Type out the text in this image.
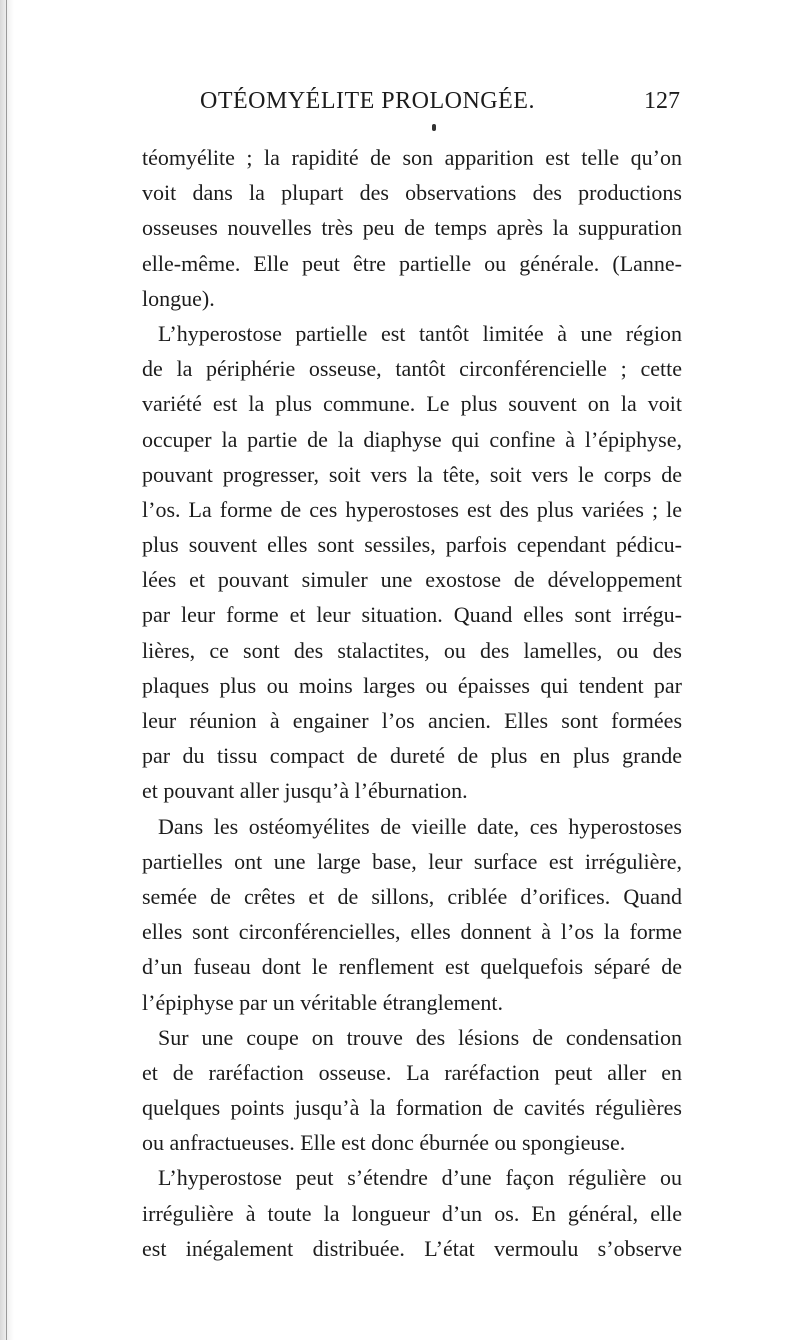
OTÉOMYÉLITE PROLONGÉE.	127
téomyélite ; la rapidité de son apparition est telle qu’on
voit dans la plupart des observations des productions
osseuses nouvelles très peu de temps après la suppuration
elle-même. Elle peut être partielle ou générale. (Lanne-
longue).
L’hyperostose partielle est tantôt limitée à une région
de la périphérie osseuse, tantôt circonférencielle ; cette
variété est la plus commune. Le plus souvent on la voit
occuper la partie de la diaphyse qui confine à l’épiphyse,
pouvant progresser, soit vers la tête, soit vers le corps de
l’os. La forme de ces hyperostoses est des plus variées ; le
plus souvent elles sont sessiles, parfois cependant pédicu-
lées et pouvant simuler une exostose de développement
par leur forme et leur situation. Quand elles sont irrégu-
lières, ce sont des stalactites, ou des lamelles, ou des
plaques plus ou moins larges ou épaisses qui tendent par
leur réunion à engainer l’os ancien. Elles sont formées
par du tissu compact de dureté de plus en plus grande
et pouvant aller jusqu’à l’éburnation.
Dans les ostéomyélites de vieille date, ces hyperostoses
partielles ont une large base, leur surface est irrégulière,
semée de crêtes et de sillons, criblée d’orifices. Quand
elles sont circonférencielles, elles donnent à l’os la forme
d’un fuseau dont le renflement est quelquefois séparé de
l’épiphyse par un véritable étranglement.
Sur une coupe on trouve des lésions de condensation
et de raréfaction osseuse. La raréfaction peut aller en
quelques points jusqu’à la formation de cavités régulières
ou anfractueuses. Elle est donc éburnée ou spongieuse.
L’hyperostose peut s’étendre d’une façon régulière ou
irrégulière à toute la longueur d’un os. En général, elle
est inégalement distribuée. L’état vermoulu s’observe
